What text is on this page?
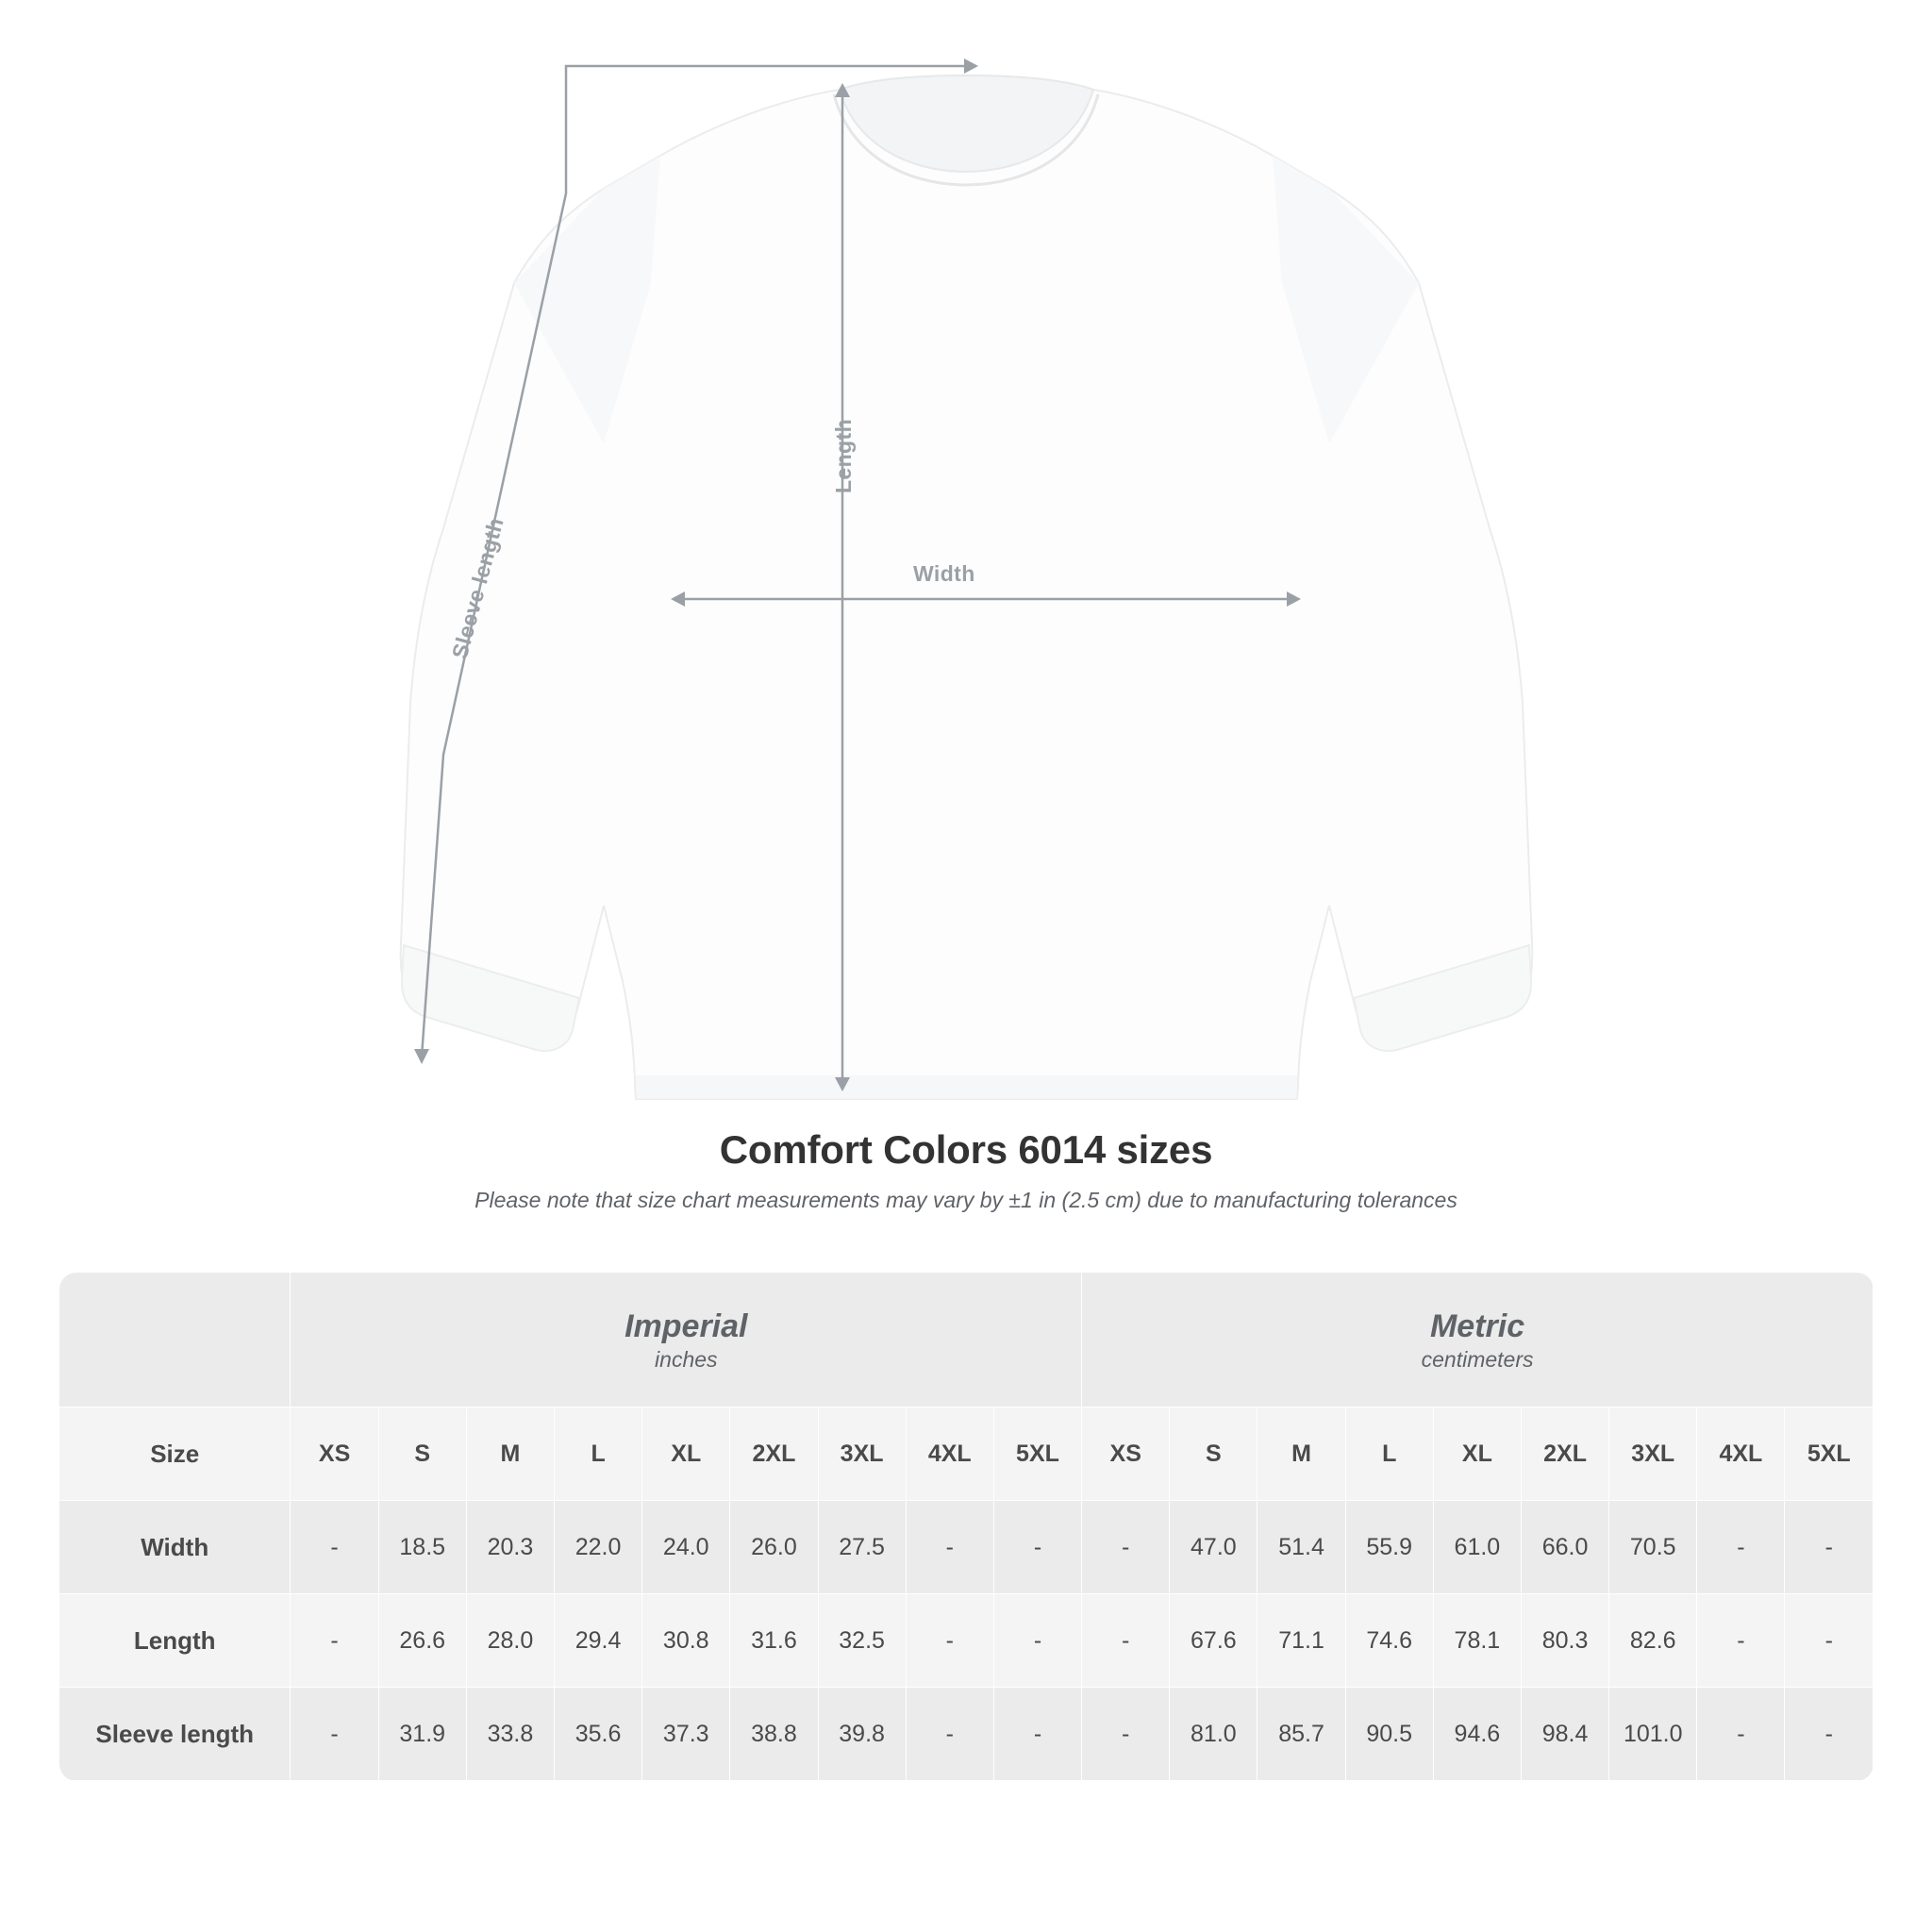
Length
Width
Sleeve length
Comfort Colors 6014 sizes
Please note that size chart measurements may vary by ±1 in (2.5 cm) due to manufacturing tolerances

Imperial
inches

Metric
centimeters

Size	XS	S	M	L	XL	2XL	3XL	4XL	5XL	XS	S	M	L	XL	2XL	3XL	4XL	5XL
Width	-	18.5	20.3	22.0	24.0	26.0	27.5	-	-	-	47.0	51.4	55.9	61.0	66.0	70.5	-	-
Length	-	26.6	28.0	29.4	30.8	31.6	32.5	-	-	-	67.6	71.1	74.6	78.1	80.3	82.6	-	-
Sleeve length	-	31.9	33.8	35.6	37.3	38.8	39.8	-	-	-	81.0	85.7	90.5	94.6	98.4	101.0	-	-
